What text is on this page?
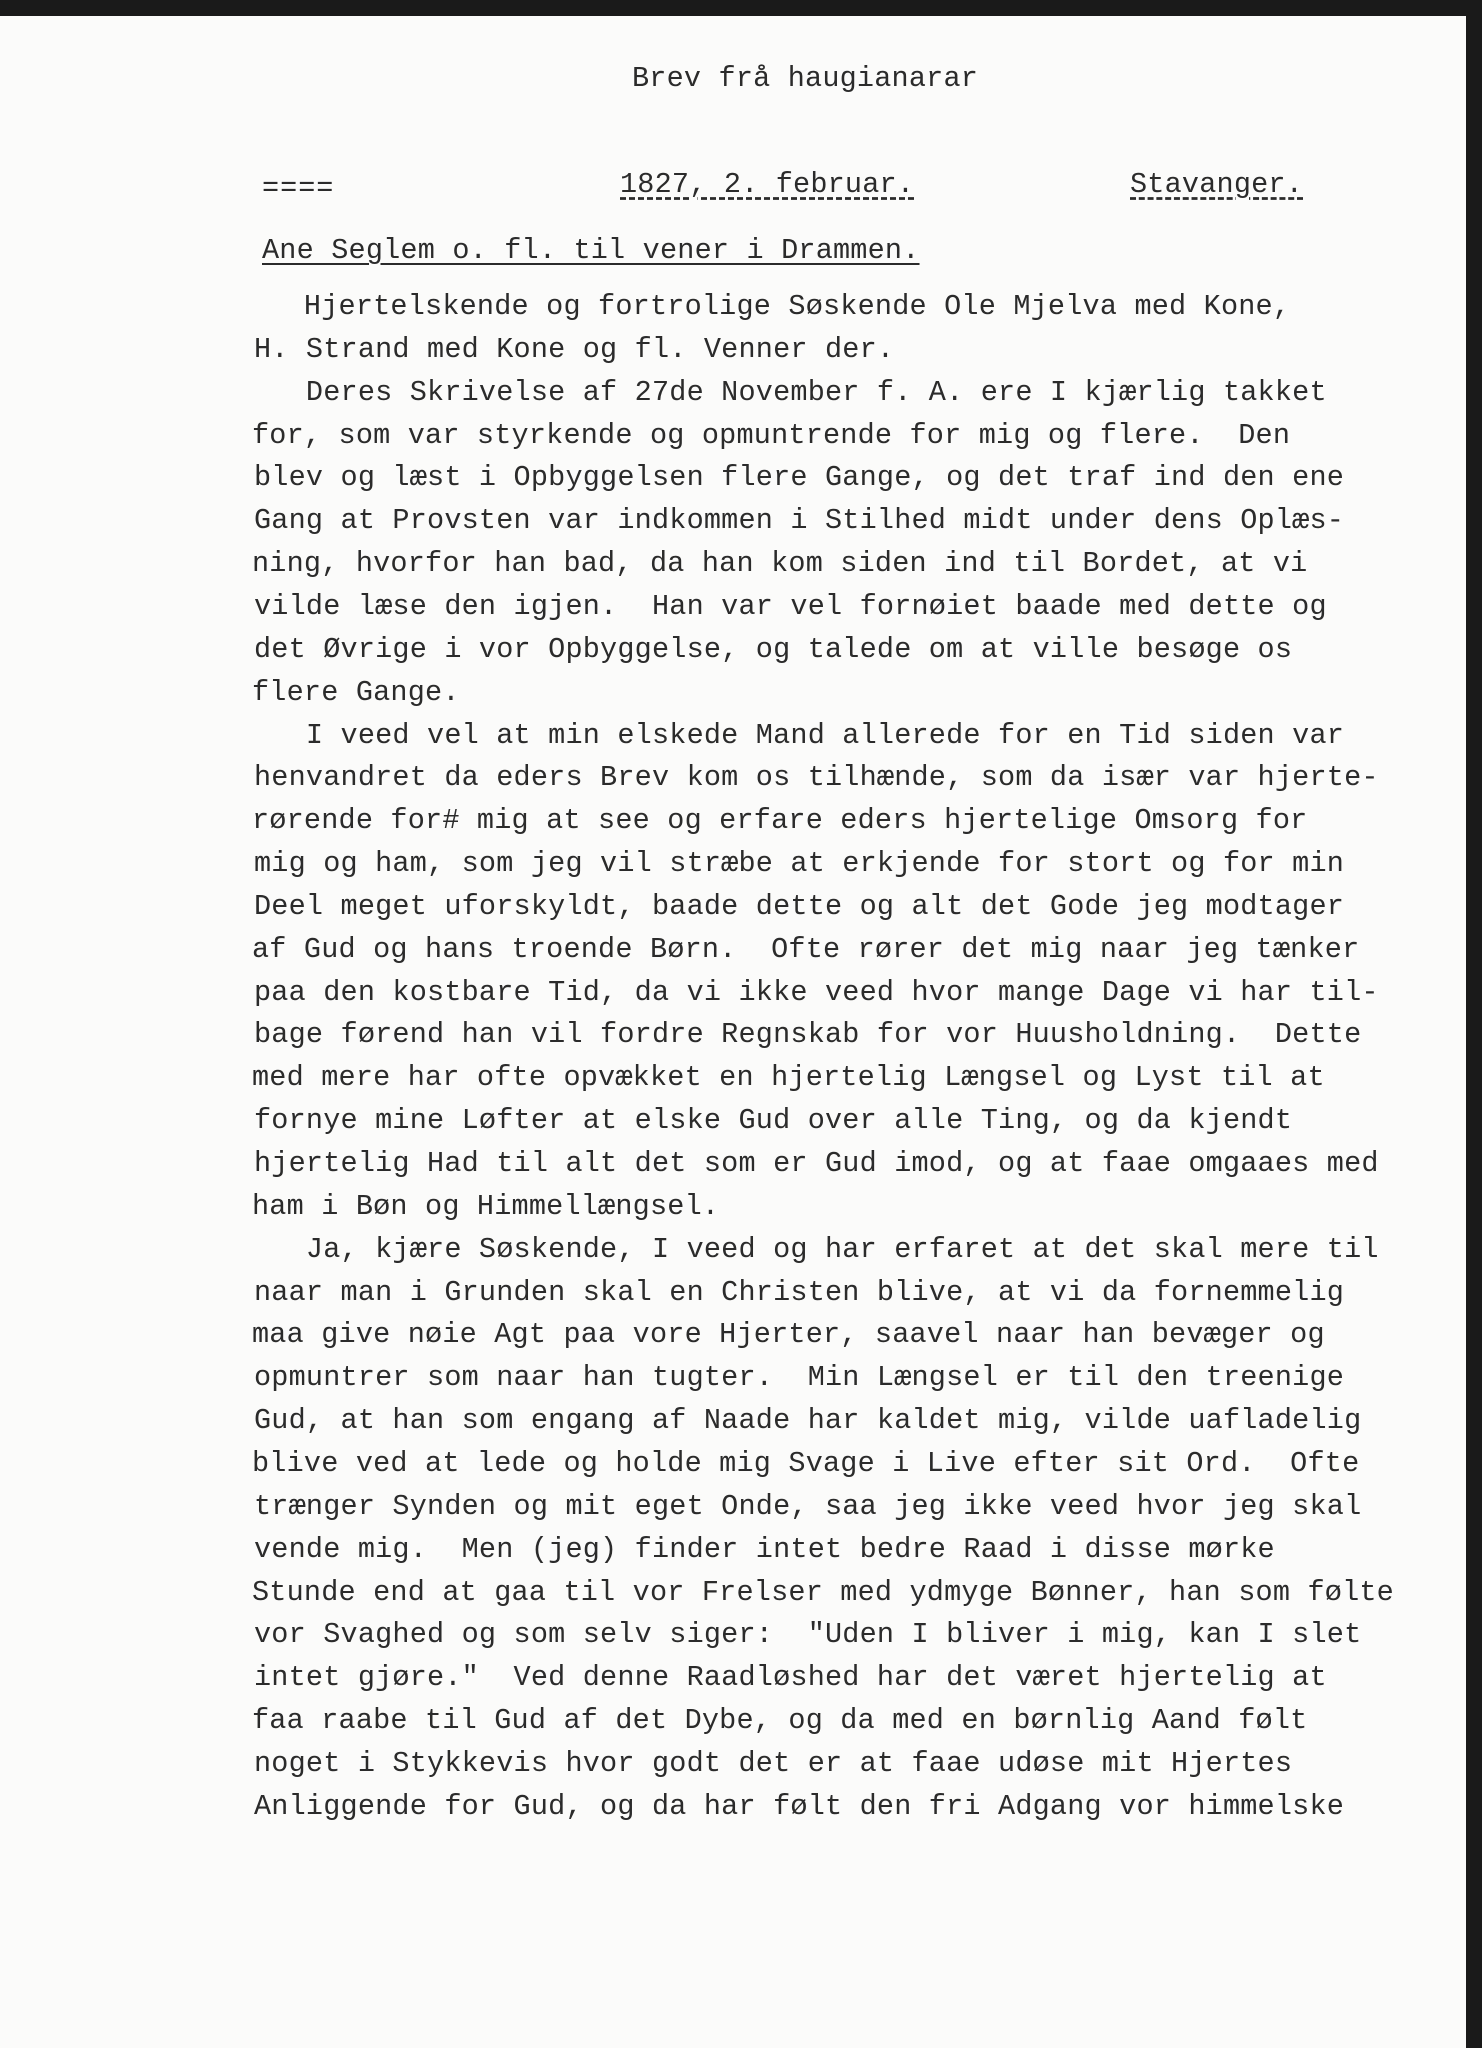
Brev frå haugianarar
====	1827, 2. februar.	Stavanger.
Ane Seglem o. fl. til vener i Drammen.
Hjertelskende og fortrolige Søskende Ole Mjelva med Kone,
H. Strand med Kone og fl. Venner der.
Deres Skrivelse af 27de November f. A. ere I kjærlig takket
for, som var styrkende og opmuntrende for mig og flere.  Den
blev og læst i Opbyggelsen flere Gange, og det traf ind den ene
Gang at Provsten var indkommen i Stilhed midt under dens Oplæs-
ning, hvorfor han bad, da han kom siden ind til Bordet, at vi
vilde læse den igjen.  Han var vel fornøiet baade med dette og
det Øvrige i vor Opbyggelse, og talede om at ville besøge os
flere Gange.
I veed vel at min elskede Mand allerede for en Tid siden var
henvandret da eders Brev kom os tilhænde, som da især var hjerte-
rørende for# mig at see og erfare eders hjertelige Omsorg for
mig og ham, som jeg vil stræbe at erkjende for stort og for min
Deel meget uforskyldt, baade dette og alt det Gode jeg modtager
af Gud og hans troende Børn.  Ofte rører det mig naar jeg tænker
paa den kostbare Tid, da vi ikke veed hvor mange Dage vi har til-
bage førend han vil fordre Regnskab for vor Huusholdning.  Dette
med mere har ofte opvækket en hjertelig Længsel og Lyst til at
fornye mine Løfter at elske Gud over alle Ting, og da kjendt
hjertelig Had til alt det som er Gud imod, og at faae omgaaes med
ham i Bøn og Himmellængsel.
Ja, kjære Søskende, I veed og har erfaret at det skal mere til
naar man i Grunden skal en Christen blive, at vi da fornemmelig
maa give nøie Agt paa vore Hjerter, saavel naar han bevæger og
opmuntrer som naar han tugter.  Min Længsel er til den treenige
Gud, at han som engang af Naade har kaldet mig, vilde uafladelig
blive ved at lede og holde mig Svage i Live efter sit Ord.  Ofte
trænger Synden og mit eget Onde, saa jeg ikke veed hvor jeg skal
vende mig.  Men (jeg) finder intet bedre Raad i disse mørke
Stunde end at gaa til vor Frelser med ydmyge Bønner, han som følte
vor Svaghed og som selv siger:  "Uden I bliver i mig, kan I slet
intet gjøre."  Ved denne Raadløshed har det været hjertelig at
faa raabe til Gud af det Dybe, og da med en børnlig Aand følt
noget i Stykkevis hvor godt det er at faae udøse mit Hjertes
Anliggende for Gud, og da har følt den fri Adgang vor himmelske
